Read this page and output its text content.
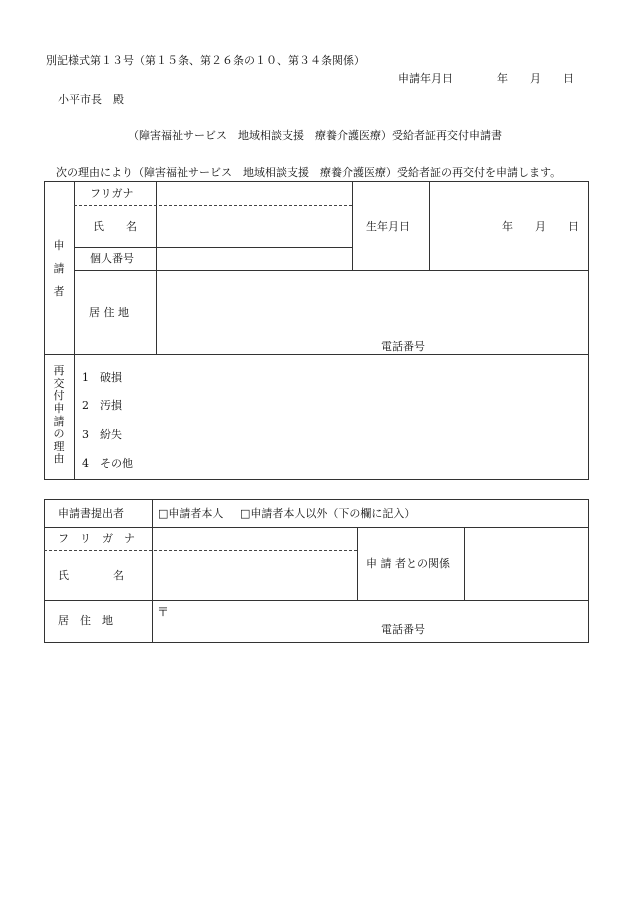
別記様式第１３号（第１５条、第２６条の１０、第３４条関係）
申請年月日　　　　年　　月　　日
小平市長　殿
（障害福祉サービス　地域相談支援　療養介護医療）受給者証再交付申請書
次の理由により（障害福祉サービス　地域相談支援　療養介護医療）受給者証の再交付を申請します。
申
請
者
フリガナ
氏　　名
個人番号
生年月日	年　　月　　日
居 住 地
電話番号
再
交
付
申
請
の
理
由
1　破損
2　汚損
3　紛失
4　その他
申請書提出者	□申請者本人 □申請者本人以外（下の欄に記入）
フ　リ　ガ　ナ
氏　　　　名
申 請 者との関係
居　住　地
〒
電話番号
